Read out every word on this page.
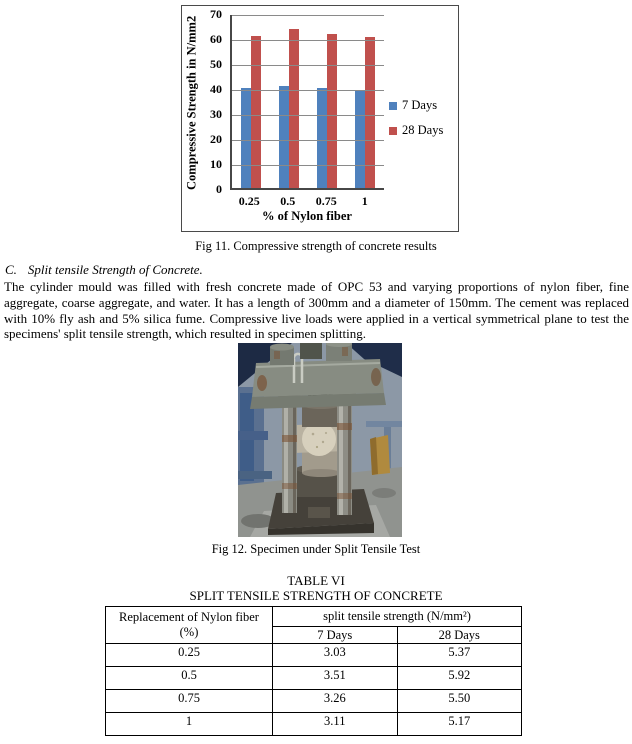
Compressive Strength in N/mm2 0
10
20
30
40
50
60
70
0.25	0.5	0.75	1
% of Nylon fiber
7 Days
28 Days
Fig 11. Compressive strength of concrete results
C. Split tensile Strength of Concrete.

The cylinder mould was filled with fresh concrete made of OPC 53 and varying proportions of nylon fiber, fine aggregate, coarse aggregate, and water. It has a length of 300mm and a diameter of 150mm. The cement was replaced with 10% fly ash and 5% silica fume. Compressive live loads were applied in a vertical symmetrical plane to test the specimens' split tensile strength, which resulted in specimen splitting.

Fig 12. Specimen under Split Tensile Test
TABLE VI
SPLIT TENSILE STRENGTH OF CONCRETE
Replacement of Nylon fiber
(%)	split tensile strength (N/mm²)	
	7 Days	28 Days
0.25	3.03	5.37
0.5	3.51	5.92
0.75	3.26	5.50
1	3.11	5.17
